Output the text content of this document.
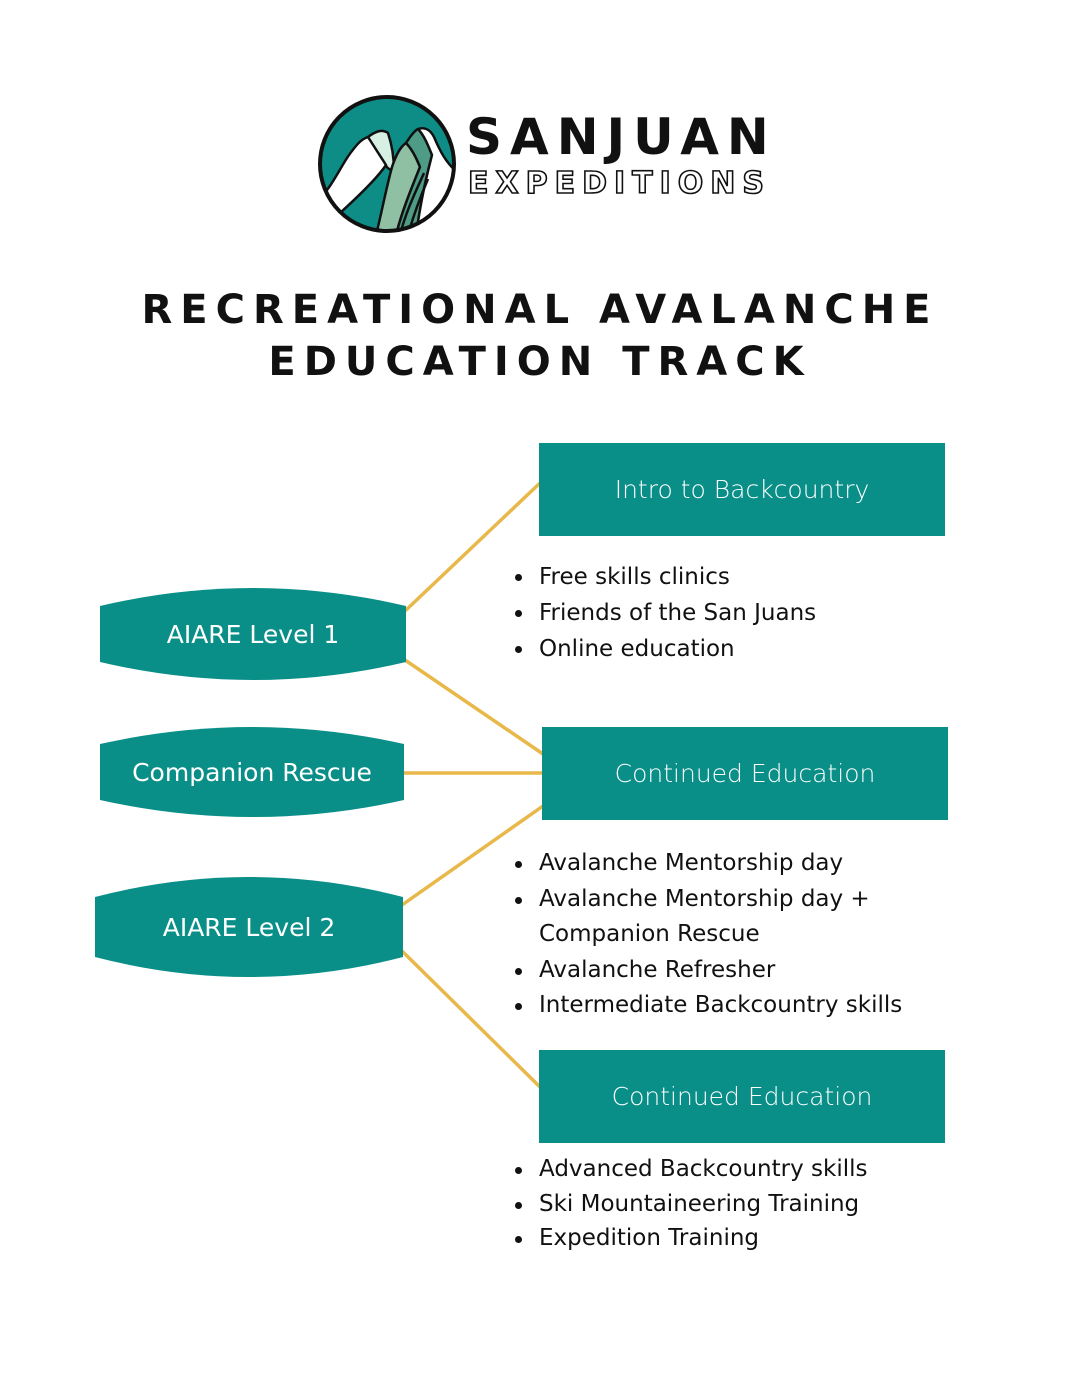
SANJUAN
EXPEDITIONS
RECREATIONAL AVALANCHE
EDUCATION TRACK
Intro to Backcountry
Continued Education
Continued Education
AIARE Level 1
Companion Rescue
AIARE Level 2
Free skills clinics
Friends of the San Juans
Online education
Avalanche Mentorship day
Avalanche Mentorship day +
Companion Rescue
Avalanche Refresher
Intermediate Backcountry skills
Advanced Backcountry skills
Ski Mountaineering Training
Expedition Training
